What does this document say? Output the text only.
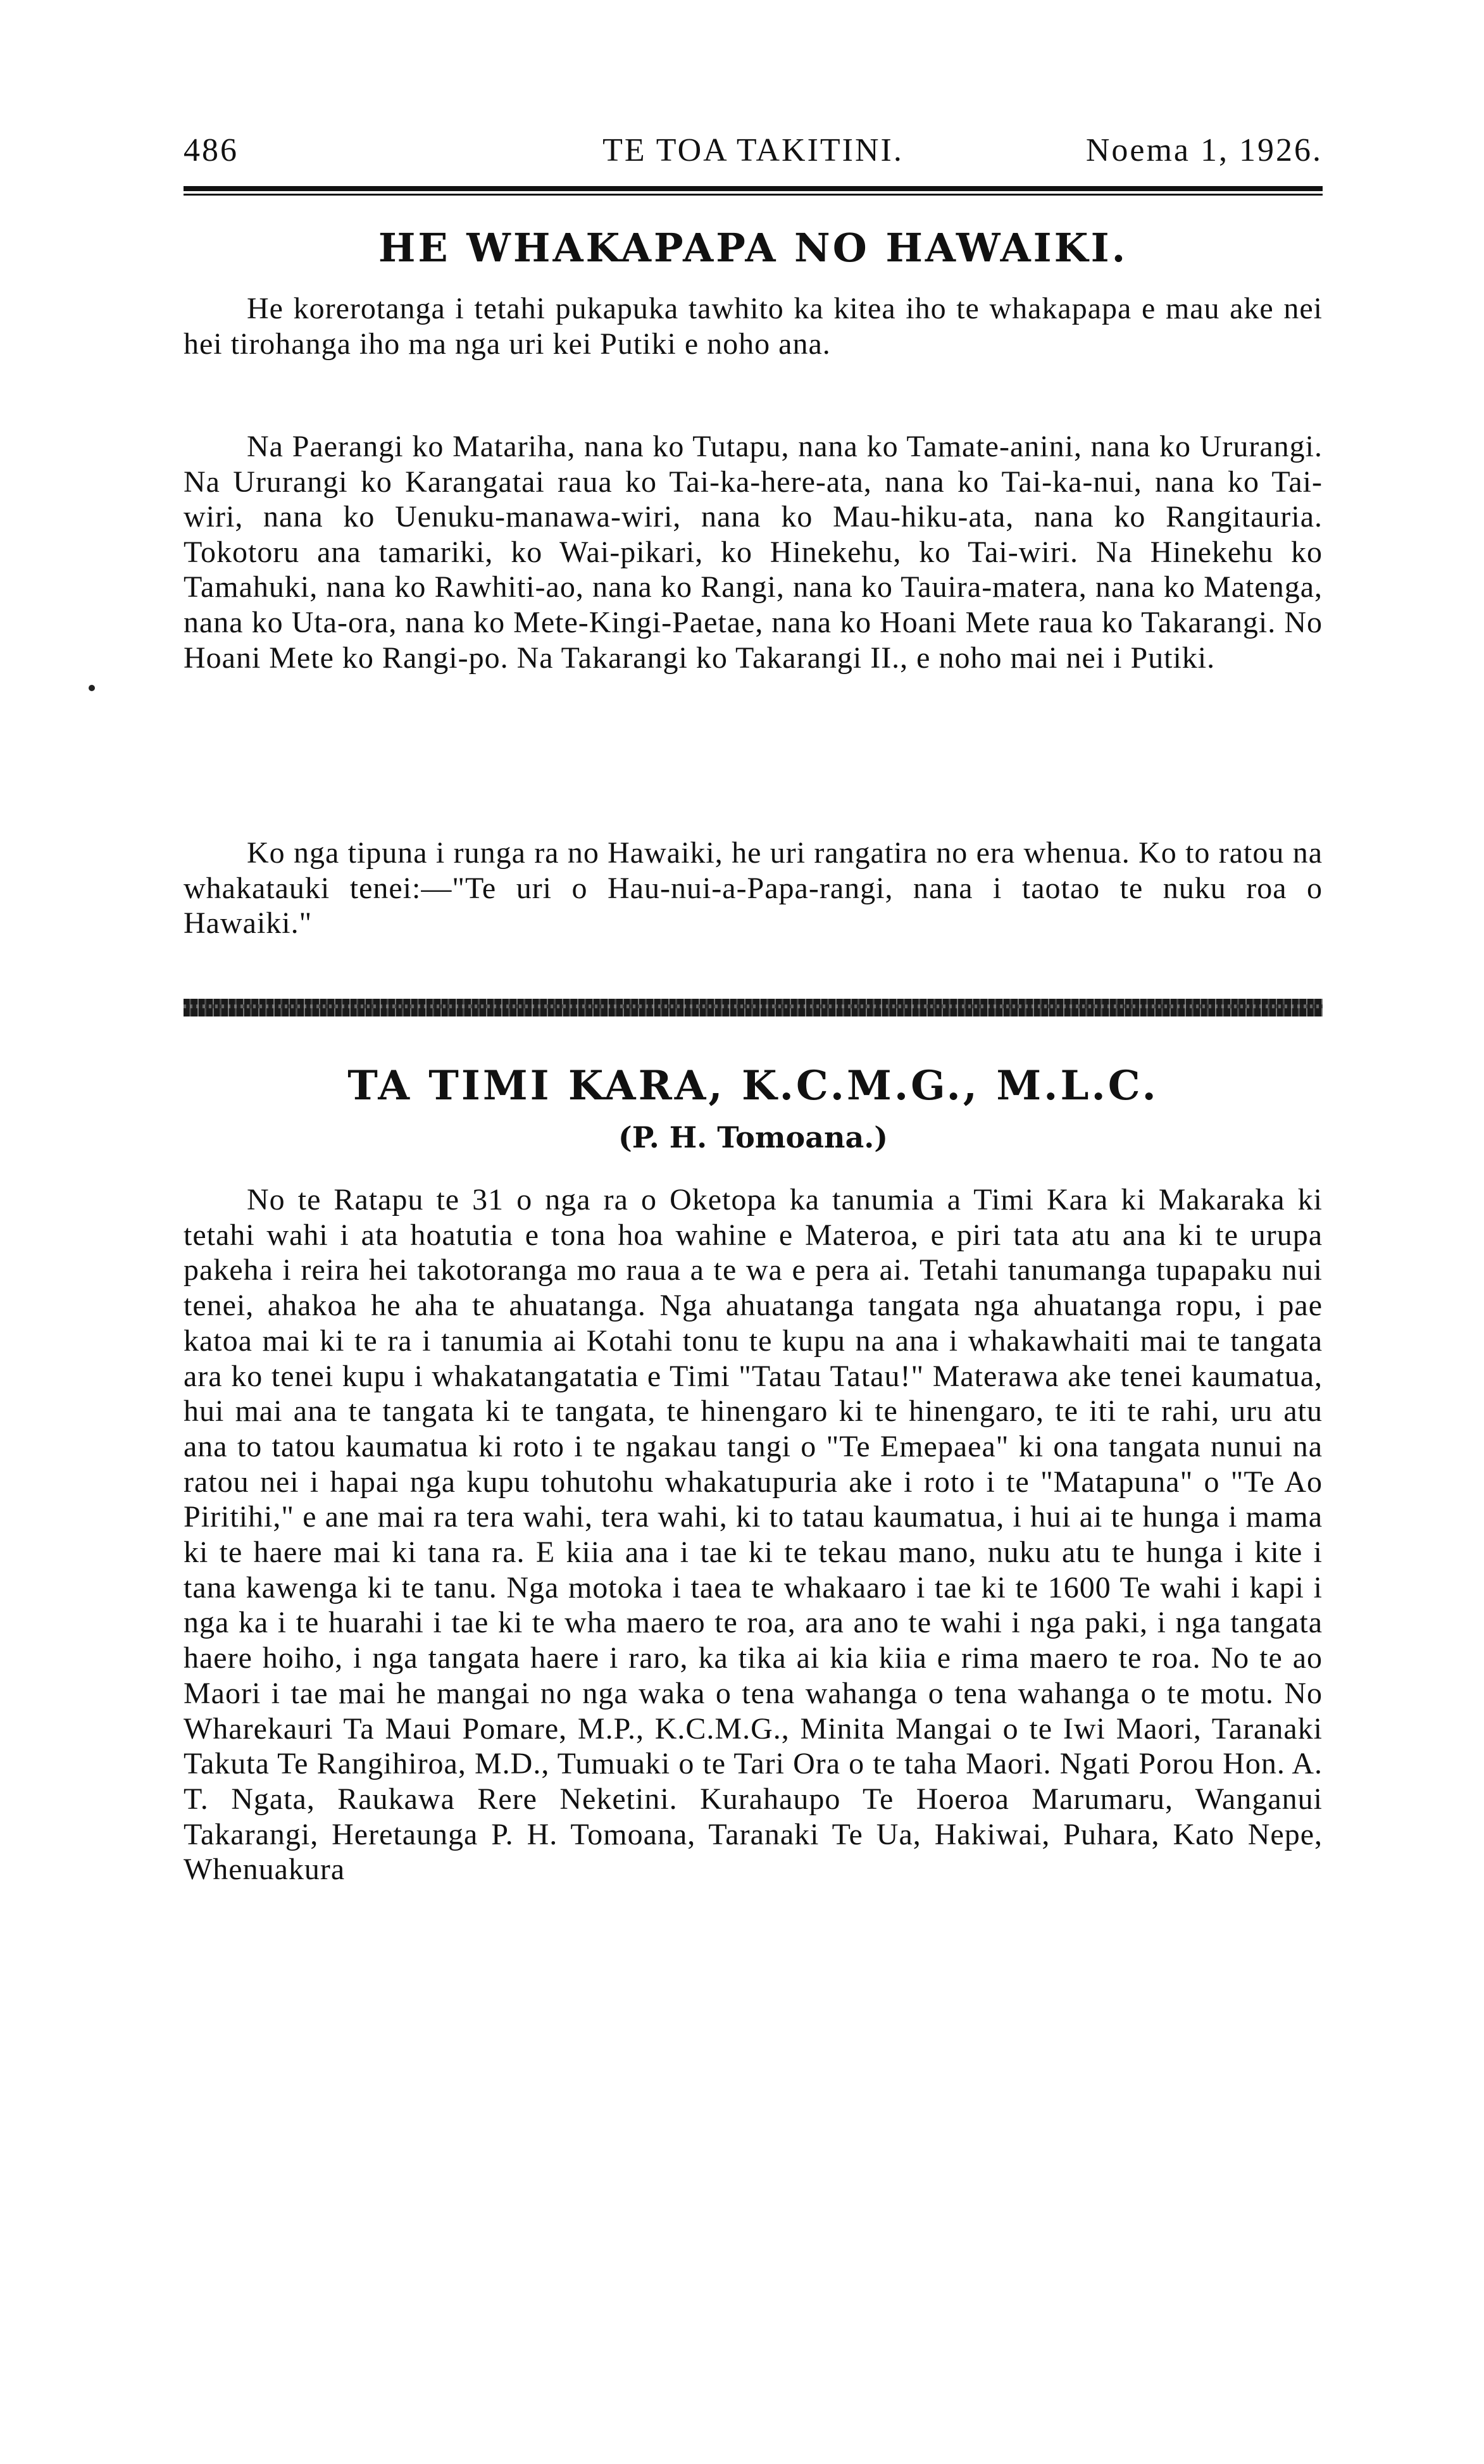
486	TE TOA TAKITINI.	Noema 1, 1926.
HE WHAKAPAPA NO HAWAIKI.

He korerotanga i tetahi pukapuka tawhito ka kitea iho te whakapapa e mau ake nei hei tirohanga iho ma nga uri kei Putiki e noho ana.

Na Paerangi ko Matariha, nana ko Tutapu, nana ko Tamate-anini, nana ko Ururangi. Na Ururangi ko Karangatai raua ko Tai-ka-here-ata, nana ko Tai-ka-nui, nana ko Tai-wiri, nana ko Uenuku-manawa-wiri, nana ko Mau-hiku-ata, nana ko Rangitauria. Tokotoru ana tamariki, ko Wai-pikari, ko Hinekehu, ko Tai-wiri. Na Hinekehu ko Tamahuki, nana ko Rawhiti-ao, nana ko Rangi, nana ko Tauira-matera, nana ko Matenga, nana ko Uta-ora, nana ko Mete-Kingi-Paetae, nana ko Hoani Mete raua ko Takarangi. No Hoani Mete ko Rangi-po. Na Takarangi ko Takarangi II., e noho mai nei i Putiki.

Ko nga tipuna i runga ra no Hawaiki, he uri rangatira no era whenua. Ko to ratou na whakatauki tenei:—"Te uri o Hau-nui-a-Papa-rangi, nana i taotao te nuku roa o Hawaiki."

TA TIMI KARA, K.C.M.G., M.L.C.
(P. H. Tomoana.)

No te Ratapu te 31 o nga ra o Oketopa ka tanumia a Timi Kara ki Makaraka ki tetahi wahi i ata hoatutia e tona hoa wahine e Materoa, e piri tata atu ana ki te urupa pakeha i reira hei takotoranga mo raua a te wa e pera ai. Tetahi tanumanga tupapaku nui tenei, ahakoa he aha te ahuatanga. Nga ahuatanga tangata nga ahuatanga ropu, i pae katoa mai ki te ra i tanumia ai Kotahi tonu te kupu na ana i whakawhaiti mai te tangata ara ko tenei kupu i whakatangatatia e Timi "Tatau Tatau!" Materawa ake tenei kaumatua, hui mai ana te tangata ki te tangata, te hinengaro ki te hinengaro, te iti te rahi, uru atu ana to tatou kaumatua ki roto i te ngakau tangi o "Te Emepaea" ki ona tangata nunui na ratou nei i hapai nga kupu tohutohu whakatupuria ake i roto i te "Matapuna" o "Te Ao Piritihi," e ane mai ra tera wahi, tera wahi, ki to tatau kaumatua, i hui ai te hunga i mama ki te haere mai ki tana ra. E kiia ana i tae ki te tekau mano, nuku atu te hunga i kite i tana kawenga ki te tanu. Nga motoka i taea te whakaaro i tae ki te 1600 Te wahi i kapi i nga ka i te huarahi i tae ki te wha maero te roa, ara ano te wahi i nga paki, i nga tangata haere hoiho, i nga tangata haere i raro, ka tika ai kia kiia e rima maero te roa. No te ao Maori i tae mai he mangai no nga waka o tena wahanga o tena wahanga o te motu. No Wharekauri Ta Maui Pomare, M.P., K.C.M.G., Minita Mangai o te Iwi Maori, Taranaki Takuta Te Rangihiroa, M.D., Tumuaki o te Tari Ora o te taha Maori. Ngati Porou Hon. A. T. Ngata, Raukawa Rere Neketini. Kurahaupo Te Hoeroa Marumaru, Wanganui Takarangi, Heretaunga P. H. Tomoana, Taranaki Te Ua, Hakiwai, Puhara, Kato Nepe, Whenuakura
